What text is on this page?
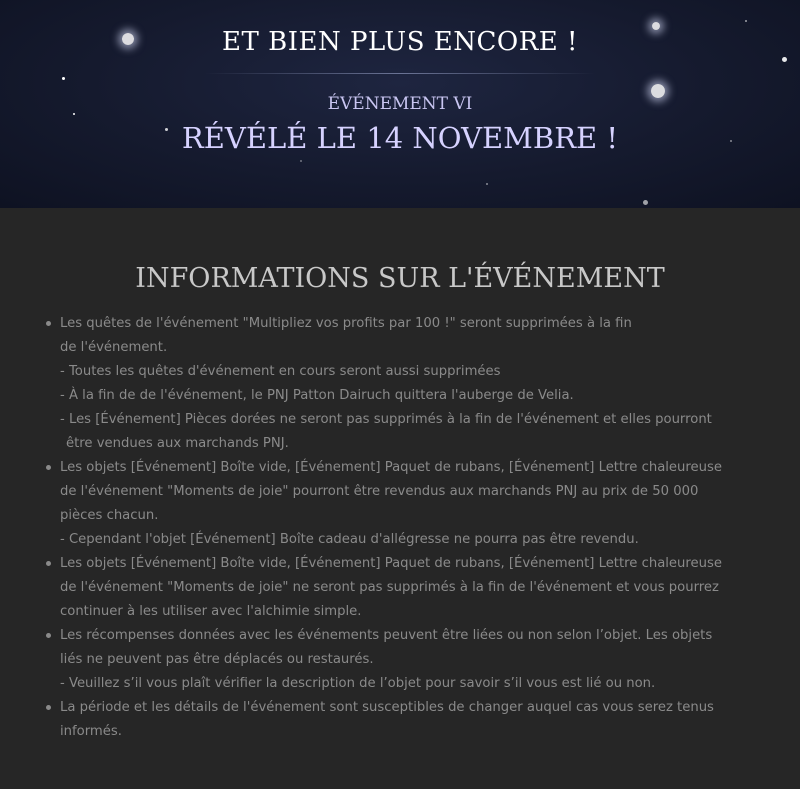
ET BIEN PLUS ENCORE !
ÉVÉNEMENT VI
RÉVÉLÉ LE 14 NOVEMBRE !
INFORMATIONS SUR L'ÉVÉNEMENT
Les quêtes de l'événement "Multipliez vos profits par 100 !" seront supprimées à la fin
de l'événement.
- Toutes les quêtes d'événement en cours seront aussi supprimées
- À la fin de de l'événement, le PNJ Patton Dairuch quittera l'auberge de Velia.
- Les [Événement] Pièces dorées ne seront pas supprimés à la fin de l'événement et elles pourront
être vendues aux marchands PNJ.
Les objets [Événement] Boîte vide, [Événement] Paquet de rubans, [Événement] Lettre chaleureuse
de l'événement "Moments de joie" pourront être revendus aux marchands PNJ au prix de 50 000
pièces chacun.
- Cependant l'objet [Événement] Boîte cadeau d'allégresse ne pourra pas être revendu.
Les objets [Événement] Boîte vide, [Événement] Paquet de rubans, [Événement] Lettre chaleureuse
de l'événement "Moments de joie" ne seront pas supprimés à la fin de l'événement et vous pourrez
continuer à les utiliser avec l'alchimie simple.
Les récompenses données avec les événements peuvent être liées ou non selon l’objet. Les objets
liés ne peuvent pas être déplacés ou restaurés.
- Veuillez s’il vous plaît vérifier la description de l’objet pour savoir s’il vous est lié ou non.
La période et les détails de l'événement sont susceptibles de changer auquel cas vous serez tenus
informés.
